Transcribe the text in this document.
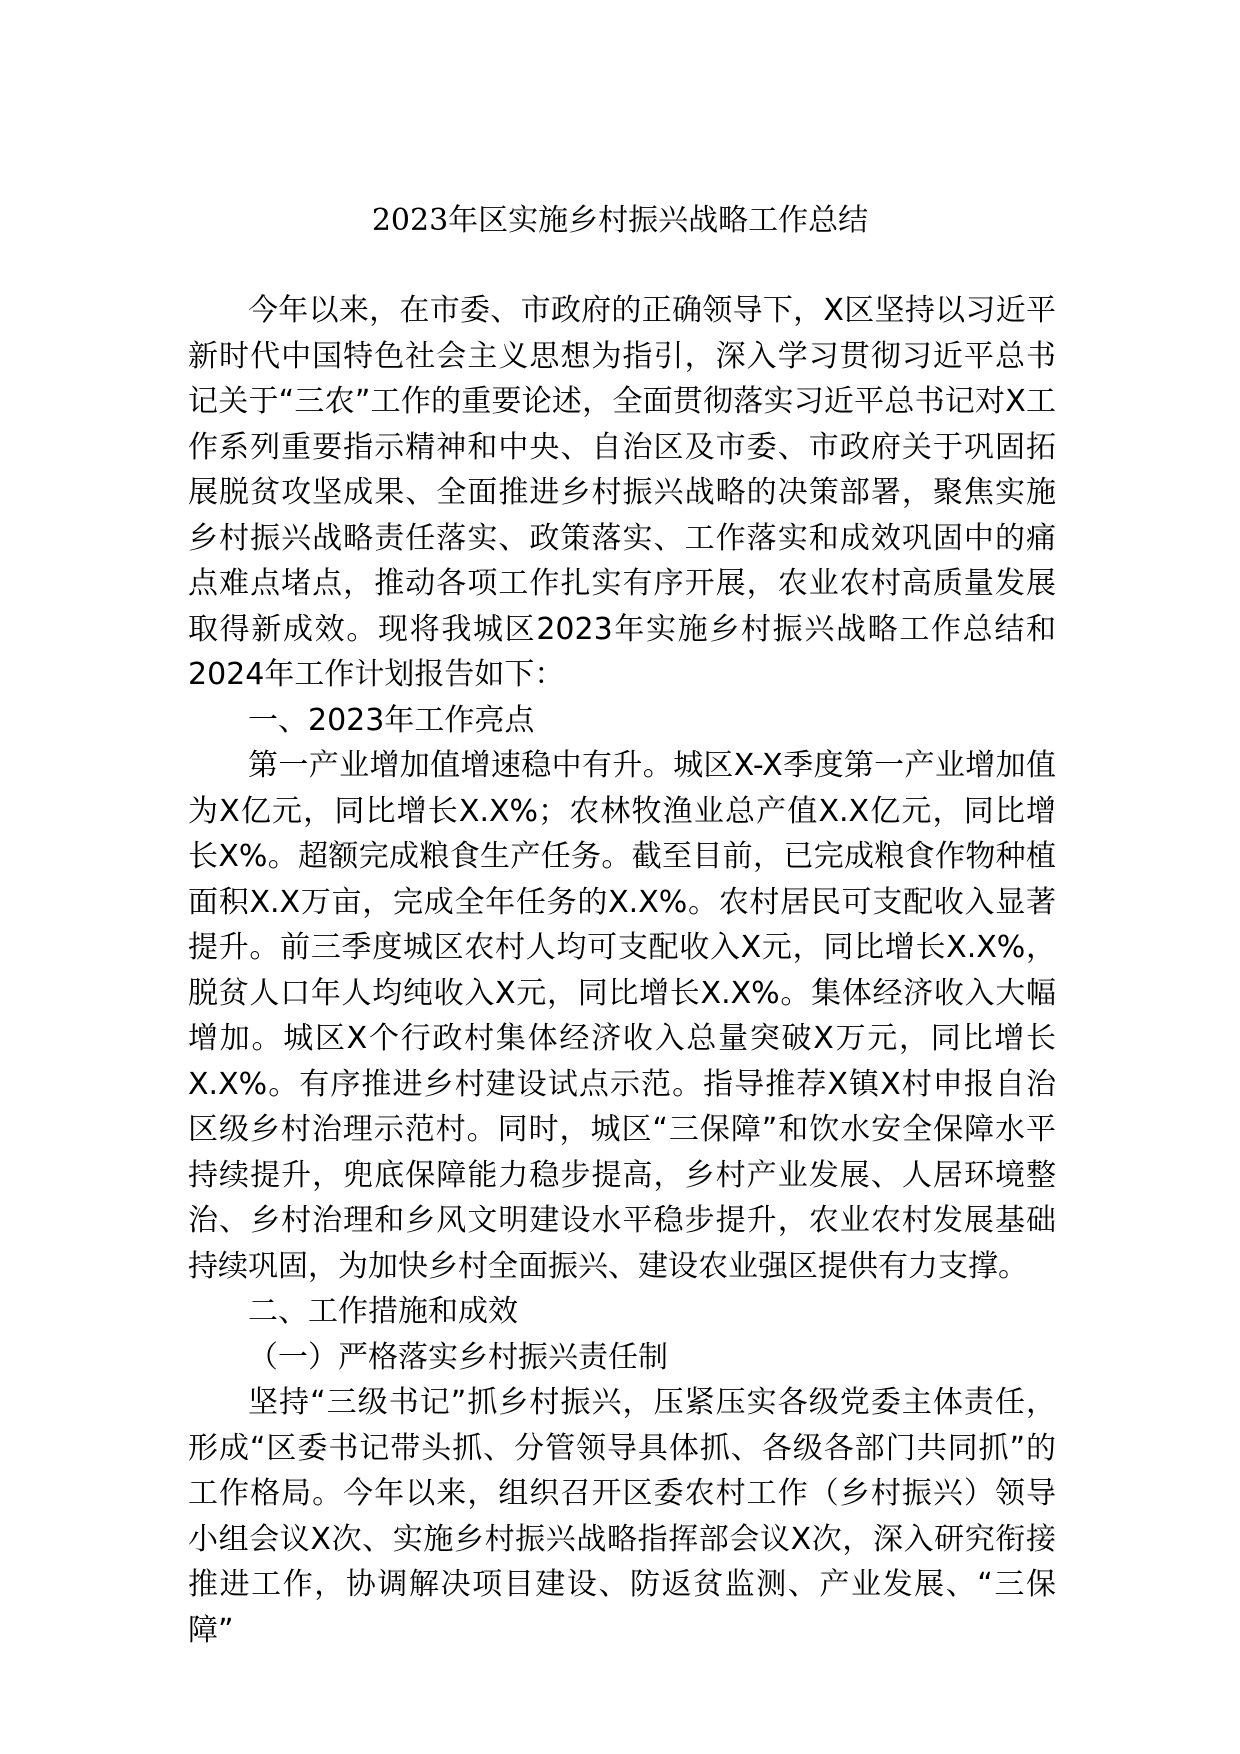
2023年区实施乡村振兴战略工作总结

今年以来，在市委、市政府的正确领导下，X区坚持以习近平新时代中国特色社会主义思想为指引，深入学习贯彻习近平总书记关于“三农”工作的重要论述，全面贯彻落实习近平总书记对X工作系列重要指示精神和中央、自治区及市委、市政府关于巩固拓展脱贫攻坚成果、全面推进乡村振兴战略的决策部署，聚焦实施乡村振兴战略责任落实、政策落实、工作落实和成效巩固中的痛点难点堵点，推动各项工作扎实有序开展，农业农村高质量发展取得新成效。现将我城区2023年实施乡村振兴战略工作总结和2024年工作计划报告如下：

一、2023年工作亮点

第一产业增加值增速稳中有升。城区X-X季度第一产业增加值为X亿元，同比增长X.X%；农林牧渔业总产值X.X亿元，同比增长X%。超额完成粮食生产任务。截至目前，已完成粮食作物种植面积X.X万亩，完成全年任务的X.X%。农村居民可支配收入显著提升。前三季度城区农村人均可支配收入X元，同比增长X.X%，脱贫人口年人均纯收入X元，同比增长X.X%。集体经济收入大幅增加。城区X个行政村集体经济收入总量突破X万元，同比增长X.X%。有序推进乡村建设试点示范。指导推荐X镇X村申报自治区级乡村治理示范村。同时，城区“三保障”和饮水安全保障水平持续提升，兜底保障能力稳步提高，乡村产业发展、人居环境整治、乡村治理和乡风文明建设水平稳步提升，农业农村发展基础持续巩固，为加快乡村全面振兴、建设农业强区提供有力支撑。

二、工作措施和成效

（一）严格落实乡村振兴责任制

坚持“三级书记”抓乡村振兴，压紧压实各级党委主体责任，形成“区委书记带头抓、分管领导具体抓、各级各部门共同抓”的工作格局。今年以来，组织召开区委农村工作（乡村振兴）领导小组会议X次、实施乡村振兴战略指挥部会议X次，深入研究衔接推进工作，协调解决项目建设、防返贫监测、产业发展、“三保障”
